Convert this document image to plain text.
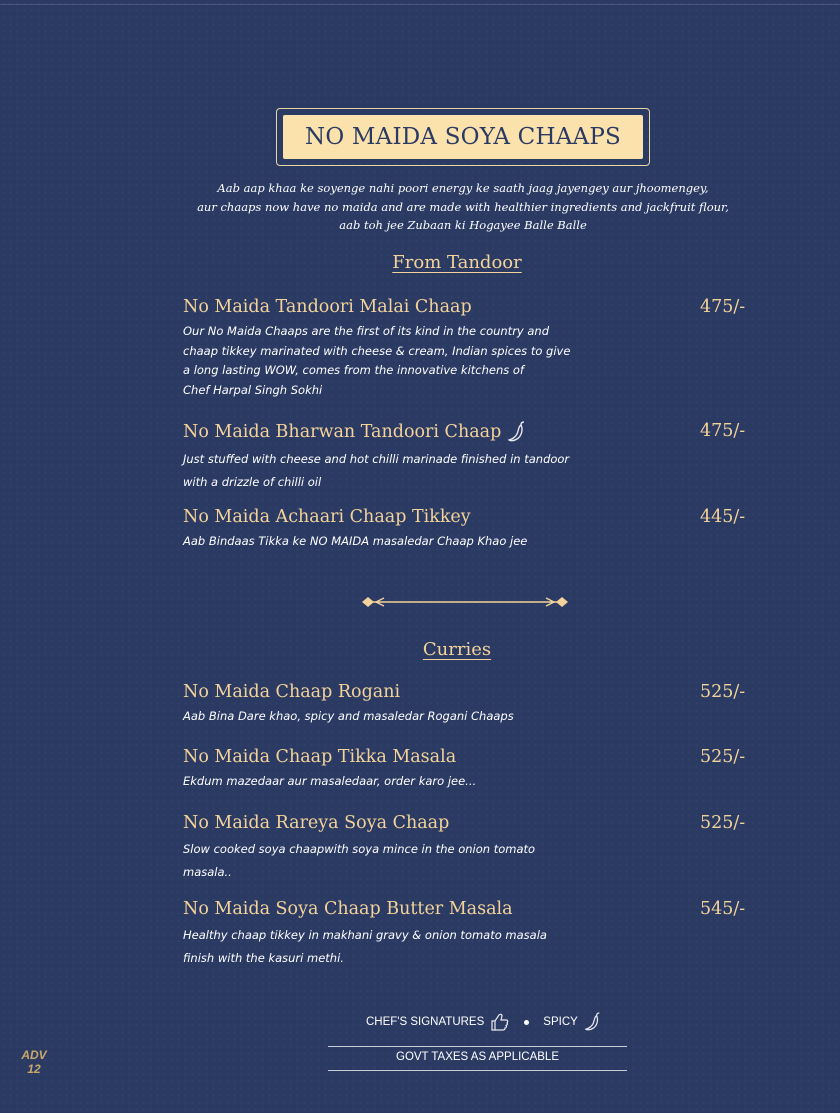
NO MAIDA SOYA CHAAPS
Aab aap khaa ke soyenge nahi poori energy ke saath jaag jayengey aur jhoomengey,
aur chaaps now have no maida and are made with healthier ingredients and jackfruit flour,
aab toh jee Zubaan ki Hogayee Balle Balle
From Tandoor
No Maida Tandoori Malai Chaap	475/-
Our No Maida Chaaps are the first of its kind in the country and
chaap tikkey marinated with cheese & cream, Indian spices to give
a long lasting WOW, comes from the innovative kitchens of
Chef Harpal Singh Sokhi
No Maida Bharwan Tandoori Chaap	475/-
Just stuffed with cheese and hot chilli marinade finished in tandoor
with a drizzle of chilli oil
No Maida Achaari Chaap Tikkey	445/-
Aab Bindaas Tikka ke NO MAIDA masaledar Chaap Khao jee
Curries
No Maida Chaap Rogani	525/-
Aab Bina Dare khao, spicy and masaledar Rogani Chaaps
No Maida Chaap Tikka Masala	525/-
Ekdum mazedaar aur masaledaar, order karo jee...
No Maida Rareya Soya Chaap	525/-
Slow cooked soya chaapwith soya mince in the onion tomato
masala..
No Maida Soya Chaap Butter Masala	545/-
Healthy chaap tikkey in makhani gravy & onion tomato masala
finish with the kasuri methi.
CHEF'S SIGNATURES	SPICY
GOVT TAXES AS APPLICABLE
ADV
12
